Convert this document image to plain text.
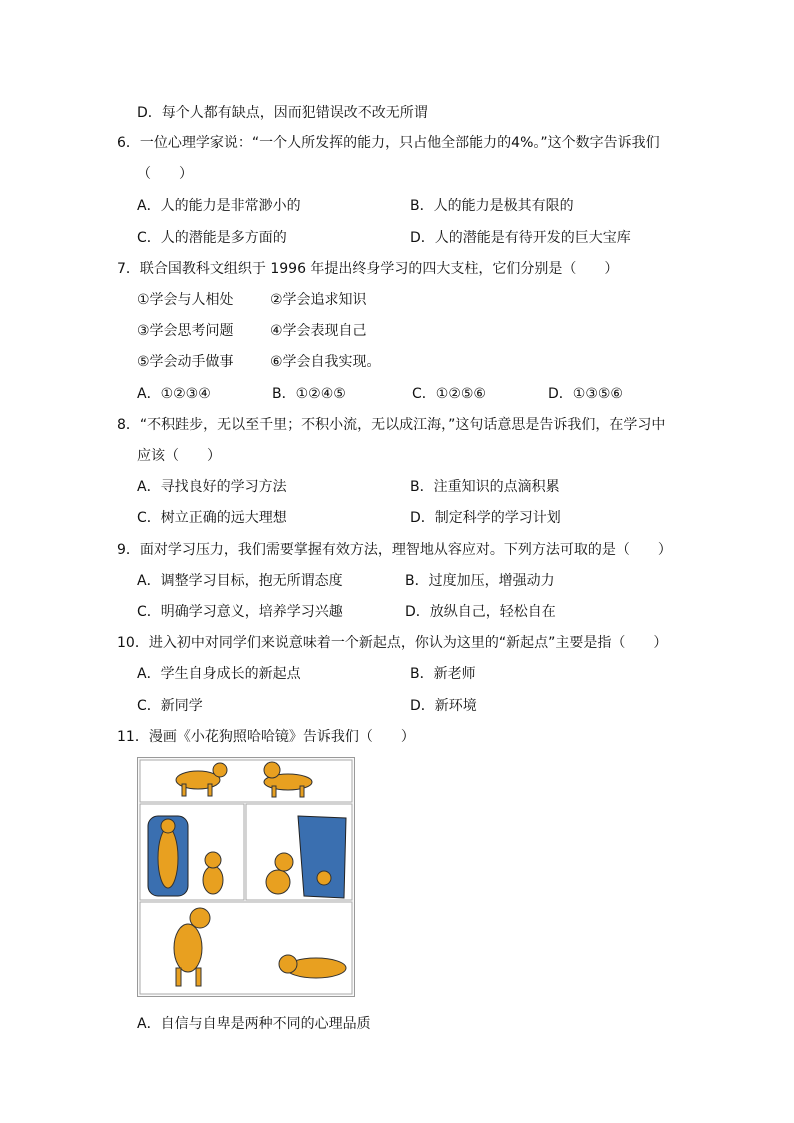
D．每个人都有缺点，因而犯错误改不改无所谓
6．一位心理学家说：“一个人所发挥的能力，只占他全部能力的4%。”这个数字告诉我们
（　　）
A．人的能力是非常渺小的	B．人的能力是极其有限的
C．人的潜能是多方面的	D．人的潜能是有待开发的巨大宝库
7．联合国教科文组织于 1996 年提出终身学习的四大支柱，它们分别是（　　）
①学会与人相处	②学会追求知识
③学会思考问题	④学会表现自己
⑤学会动手做事	⑥学会自我实现。
A．①②③④	B．①②④⑤	C．①②⑤⑥	D．①③⑤⑥
8．“不积跬步，无以至千里；不积小流，无以成江海，”这句话意思是告诉我们，在学习中
应该（　　）
A．寻找良好的学习方法	B．注重知识的点滴积累
C．树立正确的远大理想	D．制定科学的学习计划
9．面对学习压力，我们需要掌握有效方法，理智地从容应对。下列方法可取的是（　　）
A．调整学习目标，抱无所谓态度	B．过度加压，增强动力
C．明确学习意义，培养学习兴趣	D．放纵自己，轻松自在
10．进入初中对同学们来说意味着一个新起点，你认为这里的“新起点”主要是指（　　）
A．学生自身成长的新起点	B．新老师
C．新同学	D．新环境
11．漫画《小花狗照哈哈镜》告诉我们（　　）
A．自信与自卑是两种不同的心理品质
